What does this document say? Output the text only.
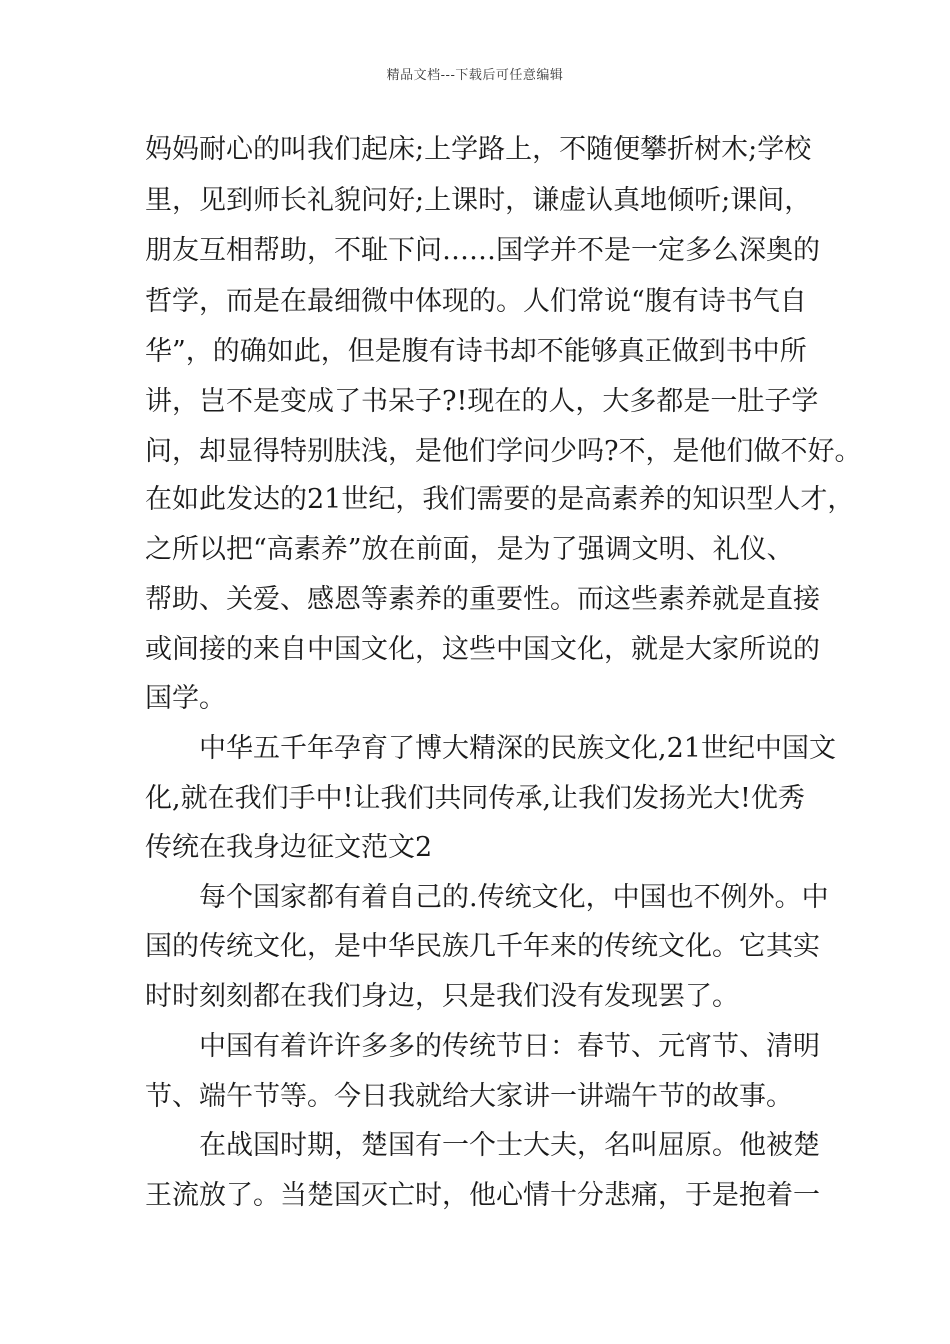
精品文档---下载后可任意编辑
妈妈耐心的叫我们起床;上学路上，不随便攀折树木;学校
里，见到师长礼貌问好;上课时，谦虚认真地倾听;课间，
朋友互相帮助，不耻下问……国学并不是一定多么深奥的
哲学，而是在最细微中体现的。人们常说“腹有诗书气自
华”，的确如此，但是腹有诗书却不能够真正做到书中所
讲，岂不是变成了书呆子?!现在的人，大多都是一肚子学
问，却显得特别肤浅，是他们学问少吗?不，是他们做不好。
在如此发达的21世纪，我们需要的是高素养的知识型人才，
之所以把“高素养”放在前面，是为了强调文明、礼仪、
帮助、关爱、感恩等素养的重要性。而这些素养就是直接
或间接的来自中国文化，这些中国文化，就是大家所说的
国学。
中华五千年孕育了博大精深的民族文化,21世纪中国文
化,就在我们手中!让我们共同传承,让我们发扬光大!优秀
传统在我身边征文范文2
每个国家都有着自己的.传统文化，中国也不例外。中
国的传统文化，是中华民族几千年来的传统文化。它其实
时时刻刻都在我们身边，只是我们没有发现罢了。
中国有着许许多多的传统节日：春节、元宵节、清明
节、端午节等。今日我就给大家讲一讲端午节的故事。
在战国时期，楚国有一个士大夫，名叫屈原。他被楚
王流放了。当楚国灭亡时，他心情十分悲痛，于是抱着一
